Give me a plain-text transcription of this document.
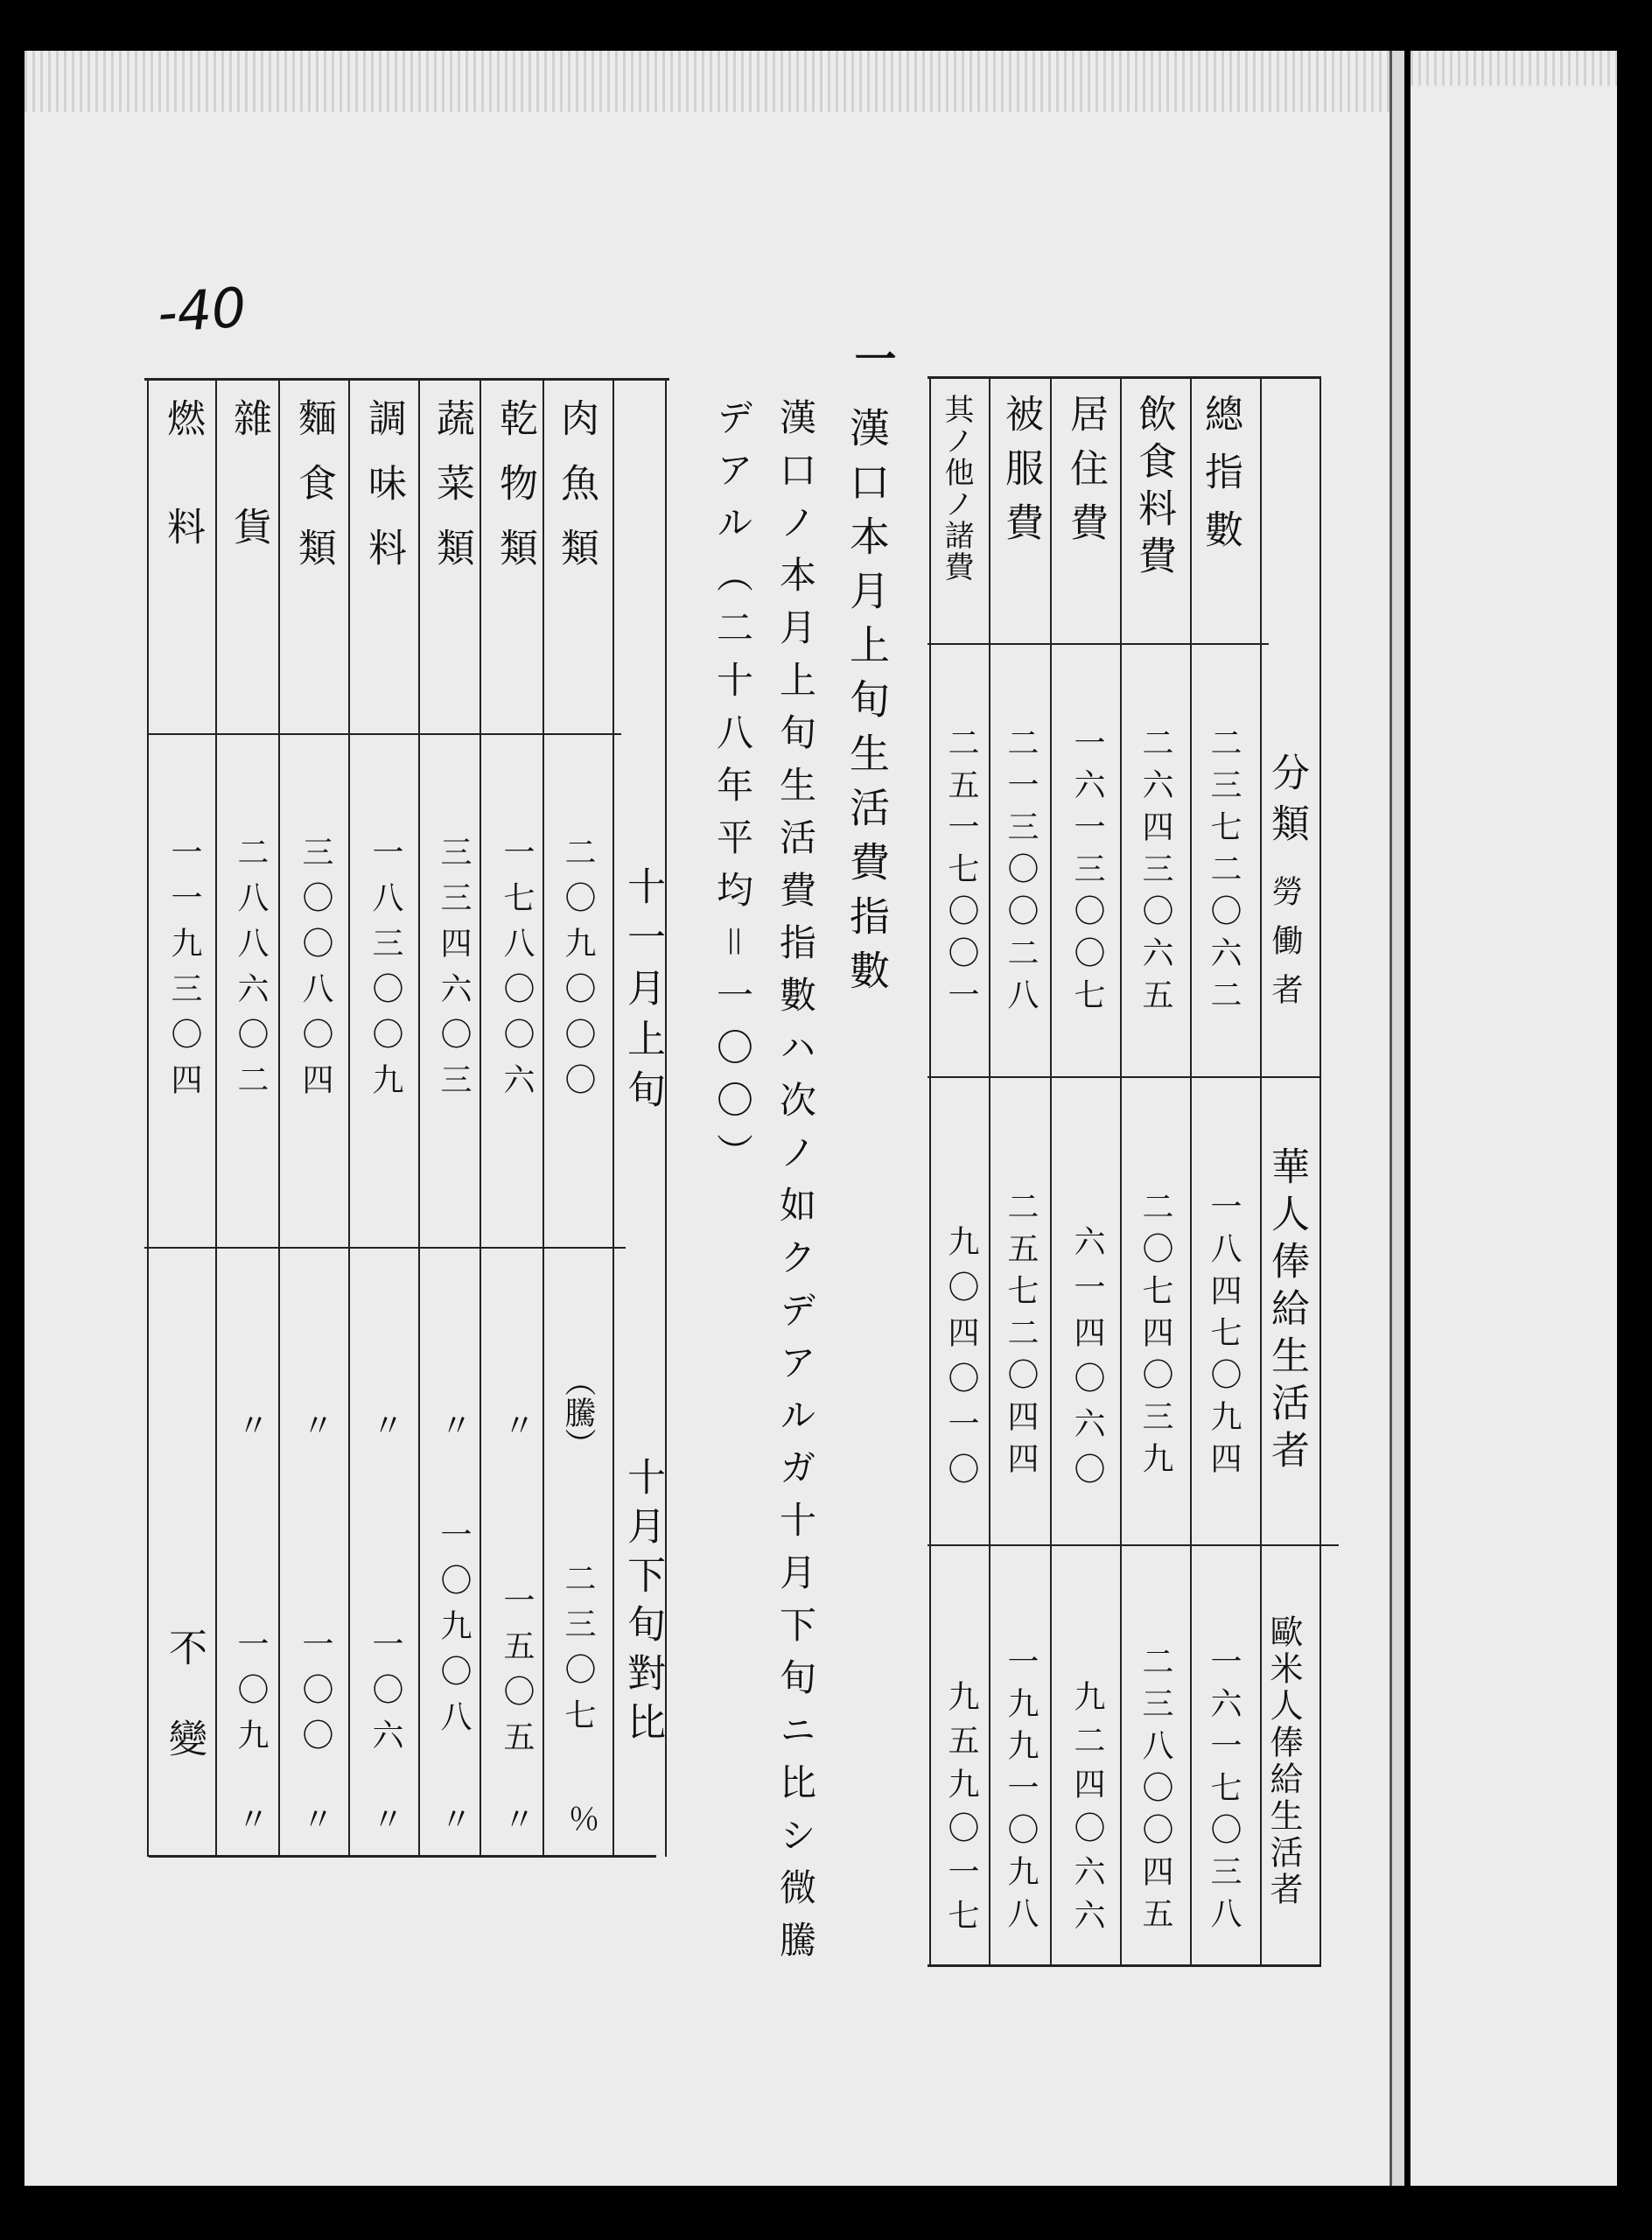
-40
分類
勞働者
華人俸給生活者
歐米人俸給生活者
總指數
飲食料費
居住費
被服費
其ノ他ノ諸費
二三七二〇六二
二六四三〇六五
一六一三〇〇七
二一三〇〇二八
二五一七〇〇一
一八四七〇九四
二〇七四〇三九
六一四〇六〇
二五七二〇四四
九〇四〇一〇
一六一七〇三八
二三八〇〇四五
九二四〇六六
一九九一〇九八
九五九〇一七
一
漢口本月上旬生活費指數
漢口ノ本月上旬生活費指數ハ次ノ如クデアルガ十月下旬ニ比シ微騰
デアル（二十八年平均＝一〇〇）
十一月上旬
十月下旬對比
肉魚類
乾物類
蔬菜類
調味料
麵食類
雜貨
燃料
二〇九〇〇〇
一七八〇〇六
三三四六〇三
一八三〇〇九
三〇〇八〇四
二八八六〇二
一一九三〇四
（騰）
〃
〃
〃
〃
〃
二三〇七
一五〇五
一〇九〇八
一〇六
一〇〇
一〇九
不變
％
〃
〃
〃
〃
〃
